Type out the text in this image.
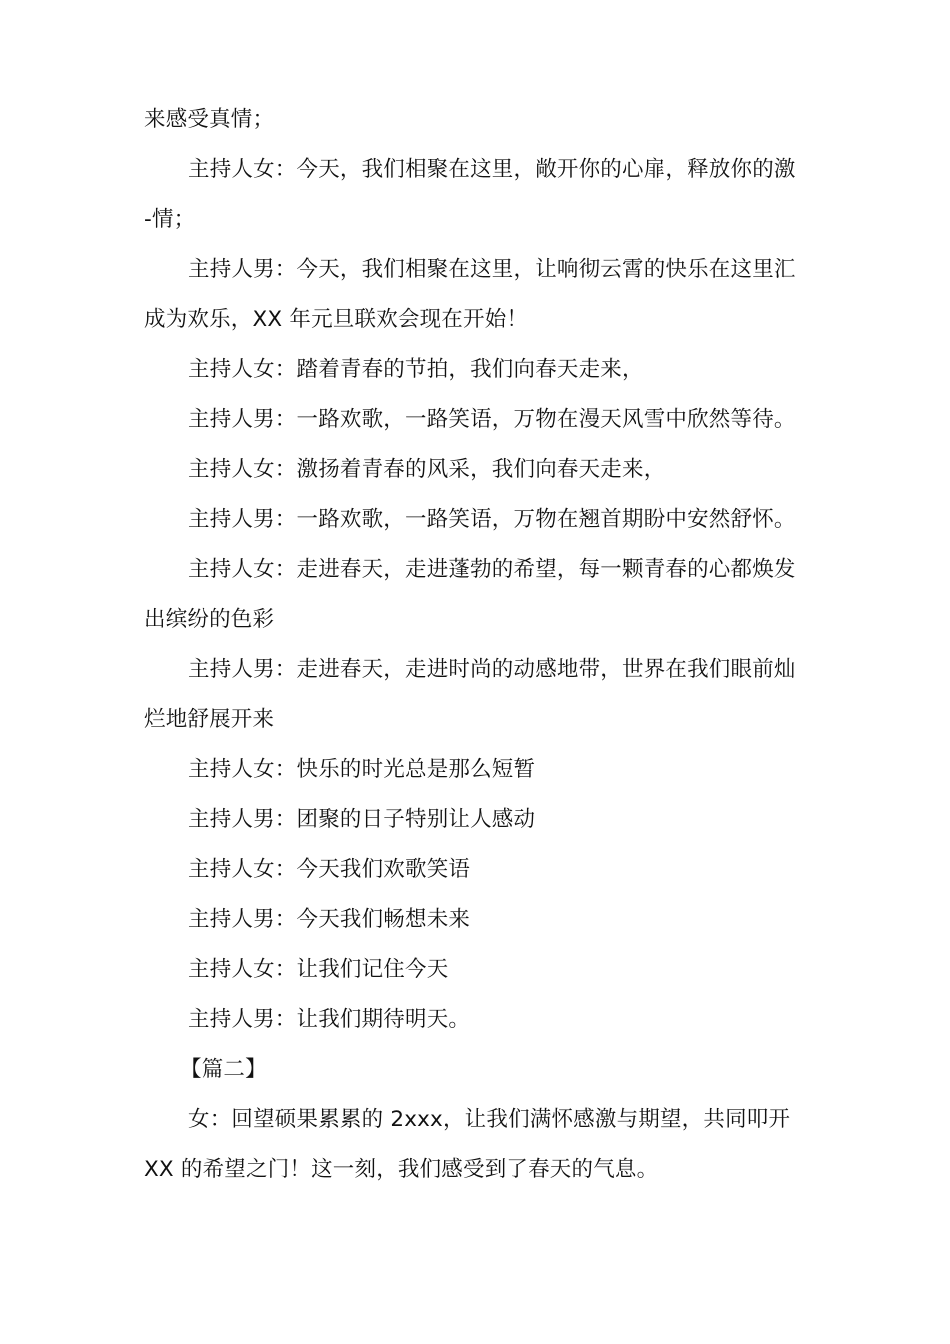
来感受真情；
主持人女：今天，我们相聚在这里，敞开你的心扉，释放你的激
-情；
主持人男：今天，我们相聚在这里，让响彻云霄的快乐在这里汇
成为欢乐，XX 年元旦联欢会现在开始！
主持人女：踏着青春的节拍，我们向春天走来，
主持人男：一路欢歌，一路笑语，万物在漫天风雪中欣然等待。
主持人女：激扬着青春的风采，我们向春天走来，
主持人男：一路欢歌，一路笑语，万物在翘首期盼中安然舒怀。
主持人女：走进春天，走进蓬勃的希望，每一颗青春的心都焕发
出缤纷的色彩
主持人男：走进春天，走进时尚的动感地带，世界在我们眼前灿
烂地舒展开来
主持人女：快乐的时光总是那么短暂
主持人男：团聚的日子特别让人感动
主持人女：今天我们欢歌笑语
主持人男：今天我们畅想未来
主持人女：让我们记住今天
主持人男：让我们期待明天。
【篇二】
女：回望硕果累累的 2xxx，让我们满怀感激与期望，共同叩开
XX 的希望之门！这一刻，我们感受到了春天的气息。
